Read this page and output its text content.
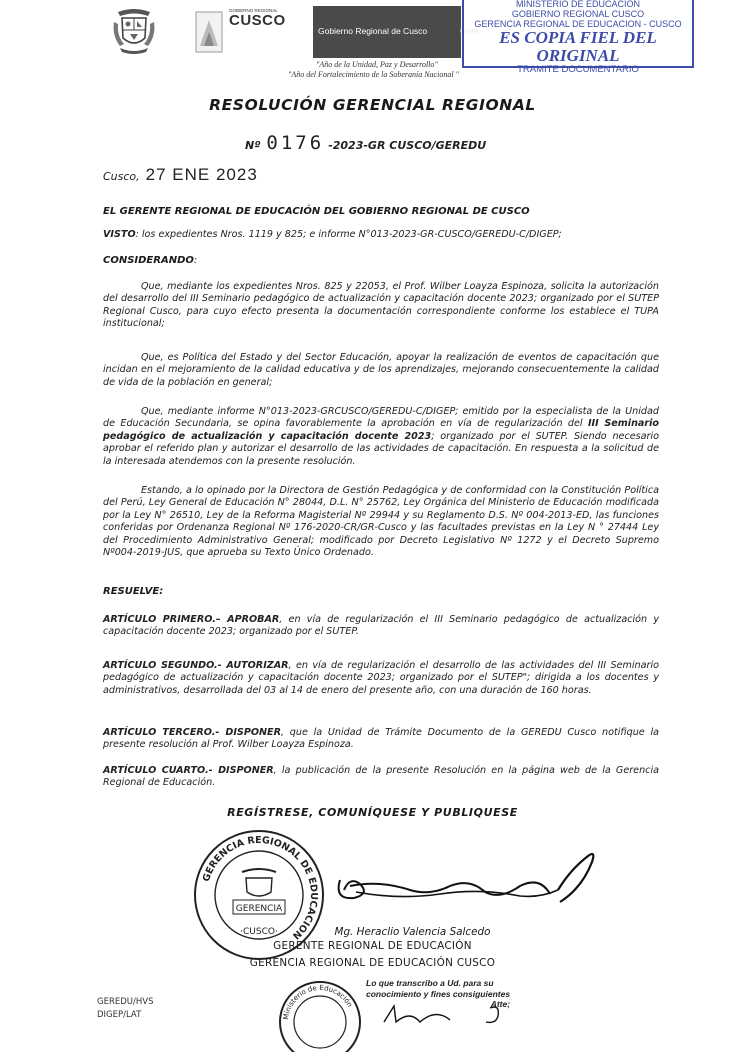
GOBIERNO REGIONAL
CUSCO
Gobierno Regional de Cusco	Gere
"Año de la Unidad, Paz y Desarrollo"
"Año del Fortalecimiento de la Soberanía Nacional "
MINISTERIO DE EDUCACION
GOBIERNO REGIONAL CUSCO
GERENCIA REGIONAL DE EDUCACION - CUSCO
ES COPIA FIEL DEL ORIGINAL
TRAMITE DOCUMENTARIO
RESOLUCIÓN GERENCIAL REGIONAL
Nº 0176 -2023-GR CUSCO/GEREDU
Cusco, 27 ENE 2023
EL GERENTE REGIONAL DE EDUCACIÓN DEL GOBIERNO REGIONAL DE CUSCO
VISTO: los expedientes Nros. 1119 y 825; e informe N°013-2023-GR-CUSCO/GEREDU-C/DIGEP;
CONSIDERANDO:

Que, mediante los expedientes Nros. 825 y 22053, el Prof. Wilber Loayza Espinoza, solicita la autorización del desarrollo del III Seminario pedagógico de actualización y capacitación docente 2023; organizado por el SUTEP Regional Cusco, para cuyo efecto presenta la documentación correspondiente conforme los establece el TUPA institucional;

Que, es Política del Estado y del Sector Educación, apoyar la realización de eventos de capacitación que incidan en el mejoramiento de la calidad educativa y de los aprendizajes, mejorando consecuentemente la calidad de vida de la población en general;

Que, mediante informe N°013-2023-GRCUSCO/GEREDU-C/DIGEP; emitido por la especialista de la Unidad de Educación Secundaria, se opina favorablemente la aprobación en vía de regularización del III Seminario pedagógico de actualización y capacitación docente 2023; organizado por el SUTEP. Siendo necesario aprobar el referido plan y autorizar el desarrollo de las actividades de capacitación. En respuesta a la solicitud de la interesada atendemos con la presente resolución.

Estando, a lo opinado por la Directora de Gestión Pedagógica y de conformidad con la Constitución Política del Perú, Ley General de Educación N° 28044, D.L. N° 25762, Ley Orgánica del Ministerio de Educación modificada por la Ley N° 26510, Ley de la Reforma Magisterial Nº 29944 y su Reglamento D.S. Nº 004-2013-ED, las funciones conferidas por Ordenanza Regional Nº 176-2020-CR/GR-Cusco y las facultades previstas en la Ley N ° 27444 Ley del Procedimiento Administrativo General; modificado por Decreto Legislativo Nº 1272 y el Decreto Supremo Nº004-2019-JUS, que aprueba su Texto Único Ordenado.

RESUELVE:

ARTÍCULO PRIMERO.– APROBAR, en vía de regularización el III Seminario pedagógico de actualización y capacitación docente 2023; organizado por el SUTEP.

ARTÍCULO SEGUNDO.- AUTORIZAR, en vía de regularización el desarrollo de las actividades del III Seminario pedagógico de actualización y capacitación docente 2023; organizado por el SUTEP"; dirigida a los docentes y administrativos, desarrollada del 03 al 14 de enero del presente año, con una duración de 160 horas.

ARTÍCULO TERCERO.- DISPONER, que la Unidad de Trámite Documento de la GEREDU Cusco notifique la presente resolución al Prof. Wilber Loayza Espinoza.

ARTÍCULO CUARTO.- DISPONER, la publicación de la presente Resolución en la página web de la Gerencia Regional de Educación.

REGÍSTRESE, COMUNÍQUESE Y PUBLIQUESE
GERENCIA REGIONAL DE EDUCACION
GERENCIA
·CUSCO·	Mg. Heraclio Valencia Salcedo
GERENTE REGIONAL DE EDUCACIÓN
GERENCIA REGIONAL DE EDUCACIÓN CUSCO
GEREDU/HVS
DIGEP/LAT	Ministerio de Educación
Lo que transcribo a Ud. para su
conocimiento y fines consiguientes
Atte;
